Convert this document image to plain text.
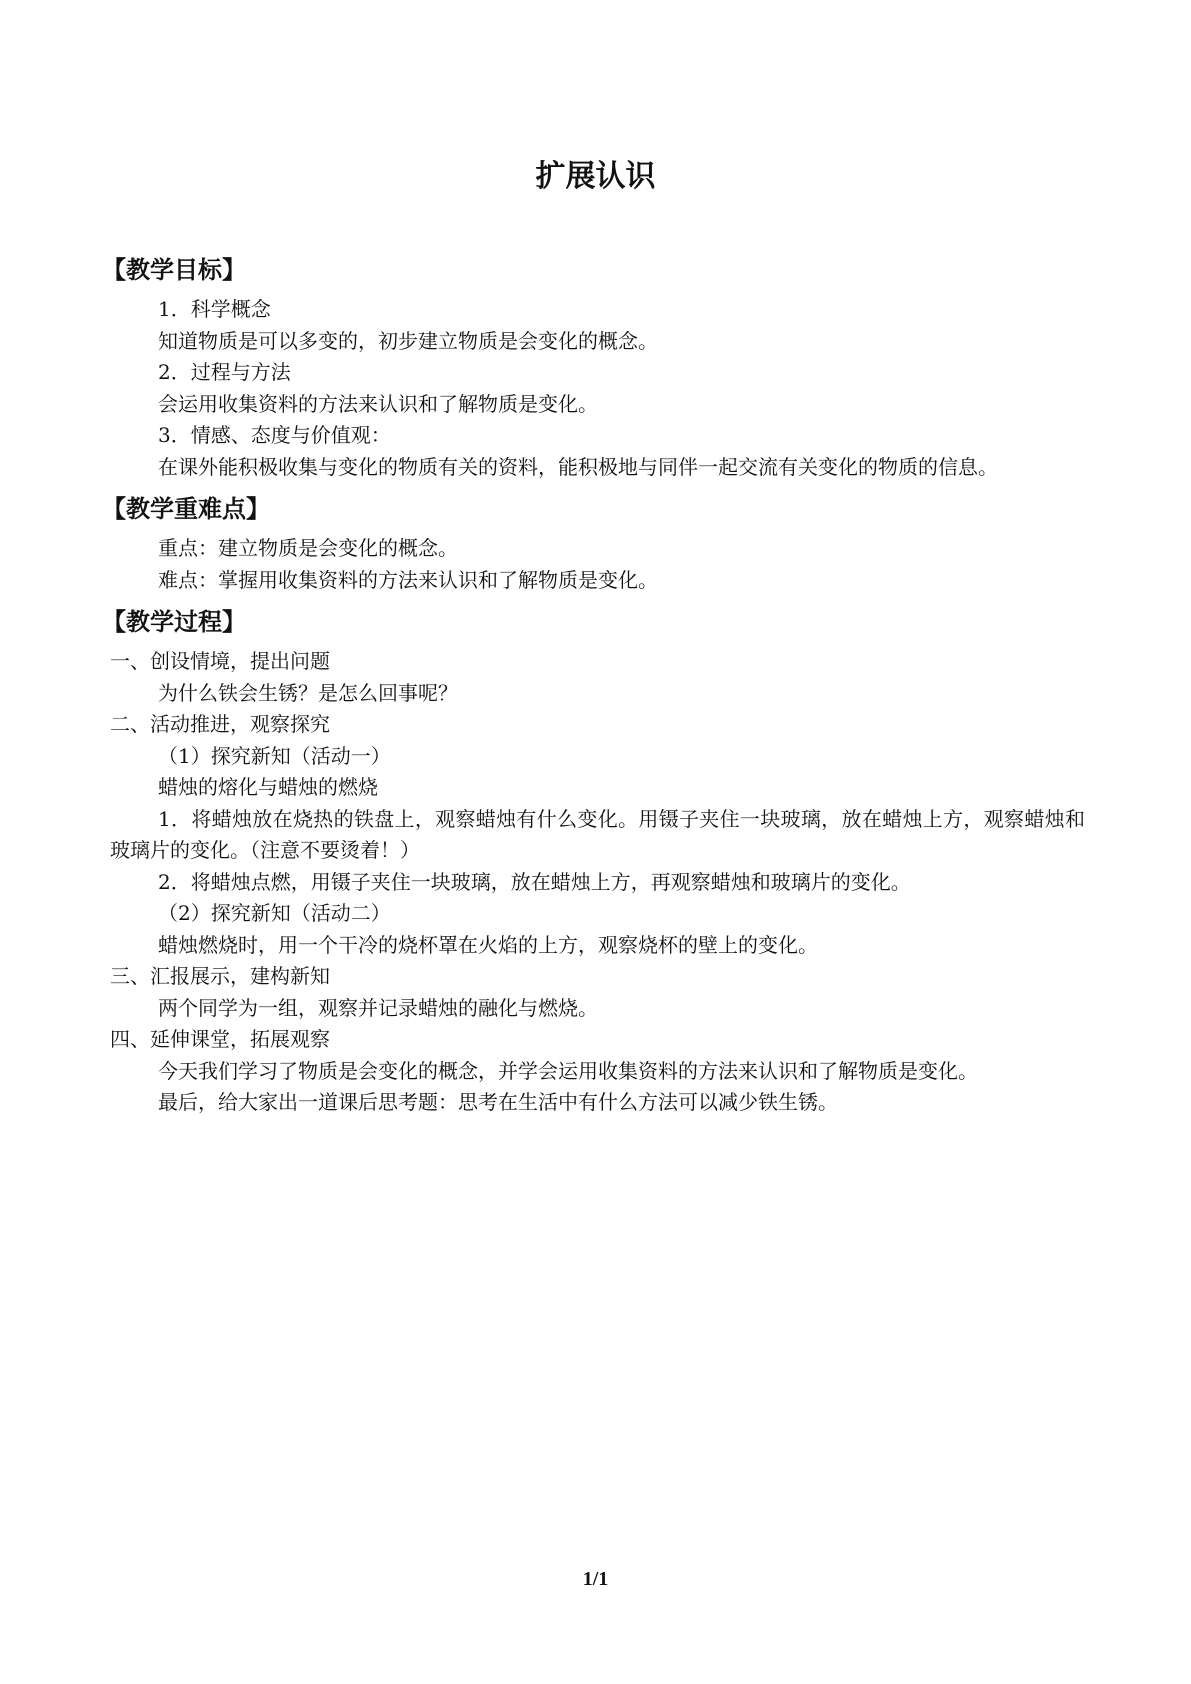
扩展认识
【教学目标】

1．科学概念

知道物质是可以多变的，初步建立物质是会变化的概念。

2．过程与方法

会运用收集资料的方法来认识和了解物质是变化。

3．情感、态度与价值观：

在课外能积极收集与变化的物质有关的资料，能积极地与同伴一起交流有关变化的物质的信息。

【教学重难点】

重点：建立物质是会变化的概念。

难点：掌握用收集资料的方法来认识和了解物质是变化。

【教学过程】

一、创设情境，提出问题

为什么铁会生锈？是怎么回事呢？

二、活动推进，观察探究

（1）探究新知（活动一）

蜡烛的熔化与蜡烛的燃烧

1．将蜡烛放在烧热的铁盘上，观察蜡烛有什么变化。用镊子夹住一块玻璃，放在蜡烛上方，观察蜡烛和玻璃片的变化。（注意不要烫着！）

2．将蜡烛点燃，用镊子夹住一块玻璃，放在蜡烛上方，再观察蜡烛和玻璃片的变化。

（2）探究新知（活动二）

蜡烛燃烧时，用一个干冷的烧杯罩在火焰的上方，观察烧杯的壁上的变化。

三、汇报展示，建构新知

两个同学为一组，观察并记录蜡烛的融化与燃烧。

四、延伸课堂，拓展观察

今天我们学习了物质是会变化的概念，并学会运用收集资料的方法来认识和了解物质是变化。

最后，给大家出一道课后思考题：思考在生活中有什么方法可以减少铁生锈。

1/1
